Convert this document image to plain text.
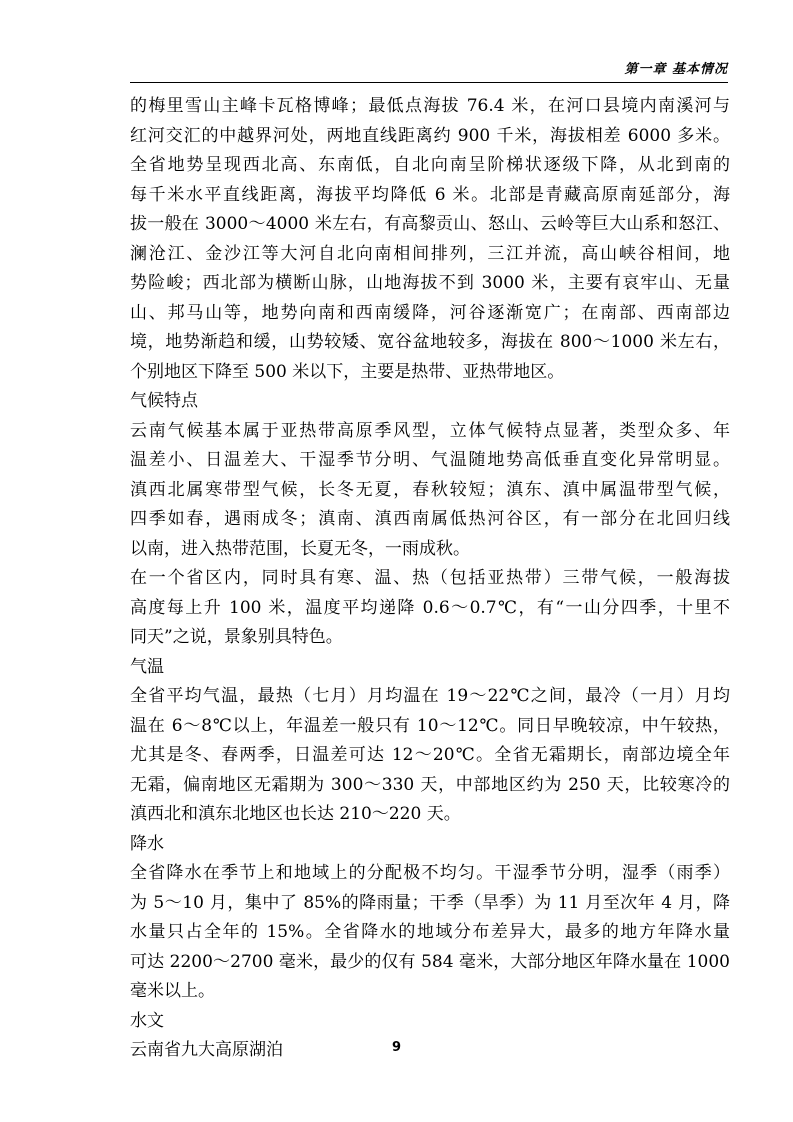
第一章 基本情况
的梅里雪山主峰卡瓦格博峰；最低点海拔 76.4 米，在河口县境内南溪河与
红河交汇的中越界河处，两地直线距离约 900 千米，海拔相差 6000 多米。
全省地势呈现西北高、东南低，自北向南呈阶梯状逐级下降，从北到南的
每千米水平直线距离，海拔平均降低 6 米。北部是青藏高原南延部分，海
拔一般在 3000～4000 米左右，有高黎贡山、怒山、云岭等巨大山系和怒江、
澜沧江、金沙江等大河自北向南相间排列，三江并流，高山峡谷相间，地
势险峻；西北部为横断山脉，山地海拔不到 3000 米，主要有哀牢山、无量
山、邦马山等，地势向南和西南缓降，河谷逐渐宽广；在南部、西南部边
境，地势渐趋和缓，山势较矮、宽谷盆地较多，海拔在 800～1000 米左右，
个别地区下降至 500 米以下，主要是热带、亚热带地区。
气候特点
云南气候基本属于亚热带高原季风型，立体气候特点显著，类型众多、年
温差小、日温差大、干湿季节分明、气温随地势高低垂直变化异常明显。
滇西北属寒带型气候，长冬无夏，春秋较短；滇东、滇中属温带型气候，
四季如春，遇雨成冬；滇南、滇西南属低热河谷区，有一部分在北回归线
以南，进入热带范围，长夏无冬，一雨成秋。
在一个省区内，同时具有寒、温、热（包括亚热带）三带气候，一般海拔
高度每上升 100 米，温度平均递降 0.6～0.7℃，有“一山分四季，十里不
同天”之说，景象别具特色。
气温
全省平均气温，最热（七月）月均温在 19～22℃之间，最冷（一月）月均
温在 6～8℃以上，年温差一般只有 10～12℃。同日早晚较凉，中午较热，
尤其是冬、春两季，日温差可达 12～20℃。全省无霜期长，南部边境全年
无霜，偏南地区无霜期为 300～330 天，中部地区约为 250 天，比较寒冷的
滇西北和滇东北地区也长达 210～220 天。
降水
全省降水在季节上和地域上的分配极不均匀。干湿季节分明，湿季（雨季）
为 5～10 月，集中了 85%的降雨量；干季（旱季）为 11 月至次年 4 月，降
水量只占全年的 15%。全省降水的地域分布差异大，最多的地方年降水量
可达 2200～2700 毫米，最少的仅有 584 毫米，大部分地区年降水量在 1000
毫米以上。
水文
云南省九大高原湖泊	9
